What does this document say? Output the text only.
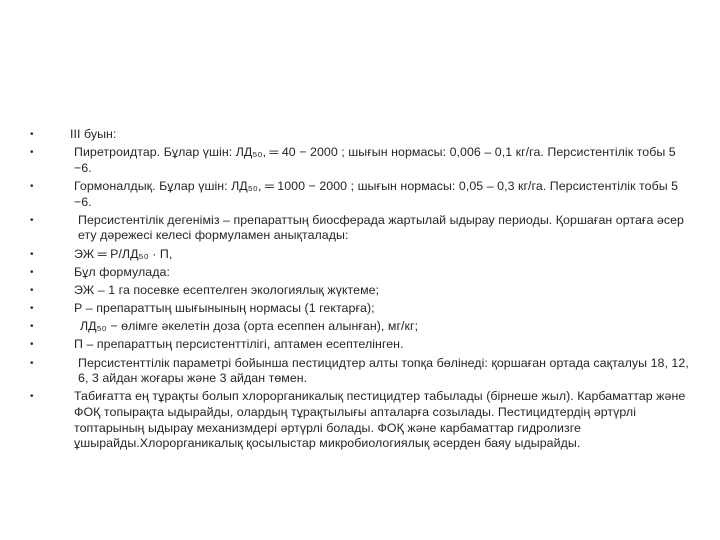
•	III буын:
•	Пиретроидтар. Бұлар үшін: ЛД₅₀, ═ 40 − 2000 ; шығын нормасы: 0,006 – 0,1 кг/га. Персистентілік тобы 5 −6.
•	Гормоналдық. Бұлар үшін: ЛД₅₀, ═ 1000 − 2000 ; шығын нормасы: 0,05 – 0,3 кг/га. Персистентілік тобы 5 −6.
•	Персистентілік дегеніміз – препараттың биосферада жартылай ыдырау периоды. Қоршаған ортаға әсер ету дәрежесі келесі формуламен анықталады:
•	ЭЖ ═ Р/ЛД₅₀ · П,
•	Бұл формулада:
•	ЭЖ – 1 га посевке есептелген экологиялық жүктеме;
•	Р – препараттың шығынының нормасы (1 гектарға);
•	ЛД₅₀ − өлімге әкелетін доза (орта есеппен алынған), мг/кг;
•	П – препараттың персистенттілігі, аптамен есептелінген.
•	Персистенттілік параметрі бойынша пестицидтер алты топқа бөлінеді: қоршаған ортада сақталуы 18, 12, 6, 3 айдан жоғары және 3 айдан төмен.
•	Табиғатта ең тұрақты болып хлорорганикалық пестицидтер табылады (бірнеше жыл). Карбаматтар және ФОҚ топырақта ыдырайды, олардың тұрақтылығы апталарға созылады. Пестицидтердің әртүрлі топтарының ыдырау механизмдері әртүрлі болады. ФОҚ және карбаматтар гидролизге ұшырайды.Хлорорганикалық қосылыстар микробиологиялық әсерден баяу ыдырайды.
